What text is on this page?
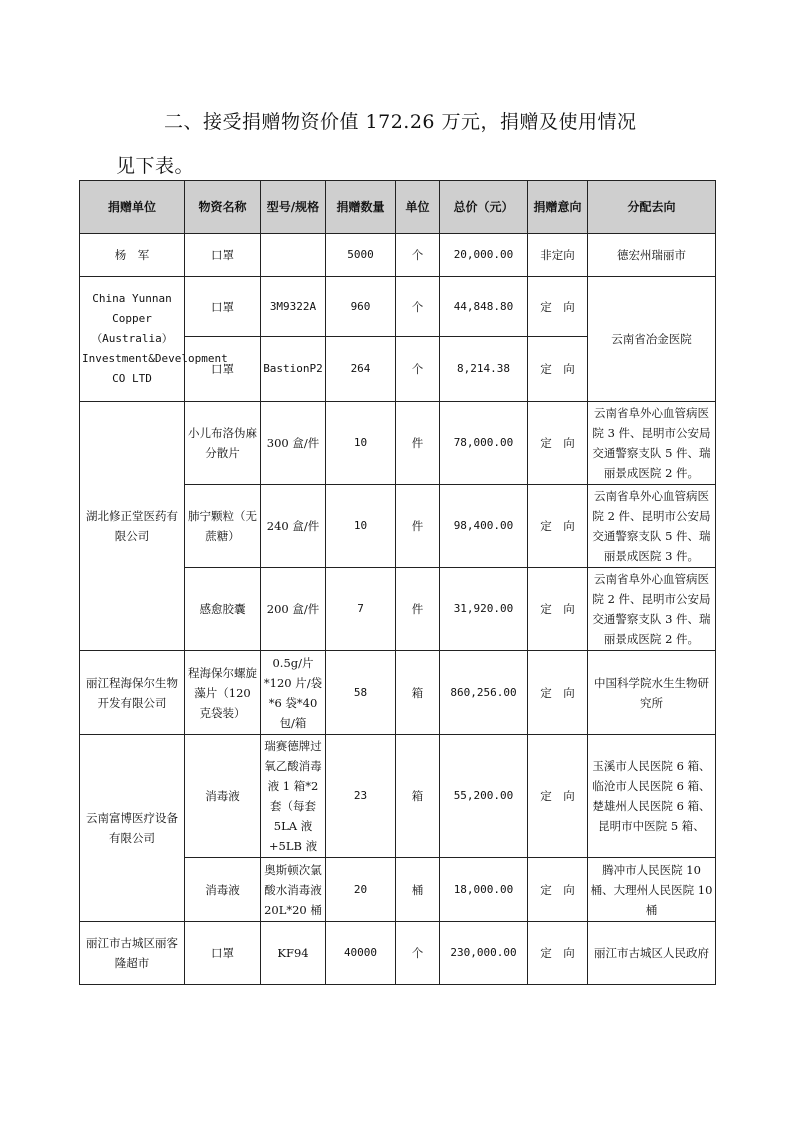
二、接受捐赠物资价值 172.26 万元，捐赠及使用情况
见下表。
捐赠单位	物资名称	型号/规格	捐赠数量	单位	总价（元）	捐赠意向	分配去向
杨　军	口罩		5000	个	20,000.00	非定向	德宏州瑞丽市
China Yunnan Copper （Australia） Investment&Development CO LTD	口罩	3M9322A	960	个	44,848.80	定　向	云南省冶金医院
	口罩	BastionP2	264	个	8,214.38	定　向	
湖北修正堂医药有限公司	小儿布洛伪麻分散片	300 盒/件	10	件	78,000.00	定　向	云南省阜外心血管病医院 3 件、昆明市公安局交通警察支队 5 件、瑞丽景成医院 2 件。
	肺宁颗粒（无蔗糖）	240 盒/件	10	件	98,400.00	定　向	云南省阜外心血管病医院 2 件、昆明市公安局交通警察支队 5 件、瑞丽景成医院 3 件。
	感愈胶囊	200 盒/件	7	件	31,920.00	定　向	云南省阜外心血管病医院 2 件、昆明市公安局交通警察支队 3 件、瑞丽景成医院 2 件。
丽江程海保尔生物开发有限公司	程海保尔螺旋藻片（120 克袋装）	0.5g/片 *120 片/袋 *6 袋*40 包/箱	58	箱	860,256.00	定　向	中国科学院水生生物研究所
云南富博医疗设备有限公司	消毒液	瑞赛德牌过氧乙酸消毒液 1 箱*2 套（每套 5LA 液+5LB 液	23	箱	55,200.00	定　向	玉溪市人民医院 6 箱、临沧市人民医院 6 箱、楚雄州人民医院 6 箱、昆明市中医院 5 箱、
	消毒液	奥斯顿次氯酸水消毒液 20L*20 桶	20	桶	18,000.00	定　向	腾冲市人民医院 10 桶、大理州人民医院 10 桶
丽江市古城区丽客隆超市	口罩	KF94	40000	个	230,000.00	定　向	丽江市古城区人民政府
